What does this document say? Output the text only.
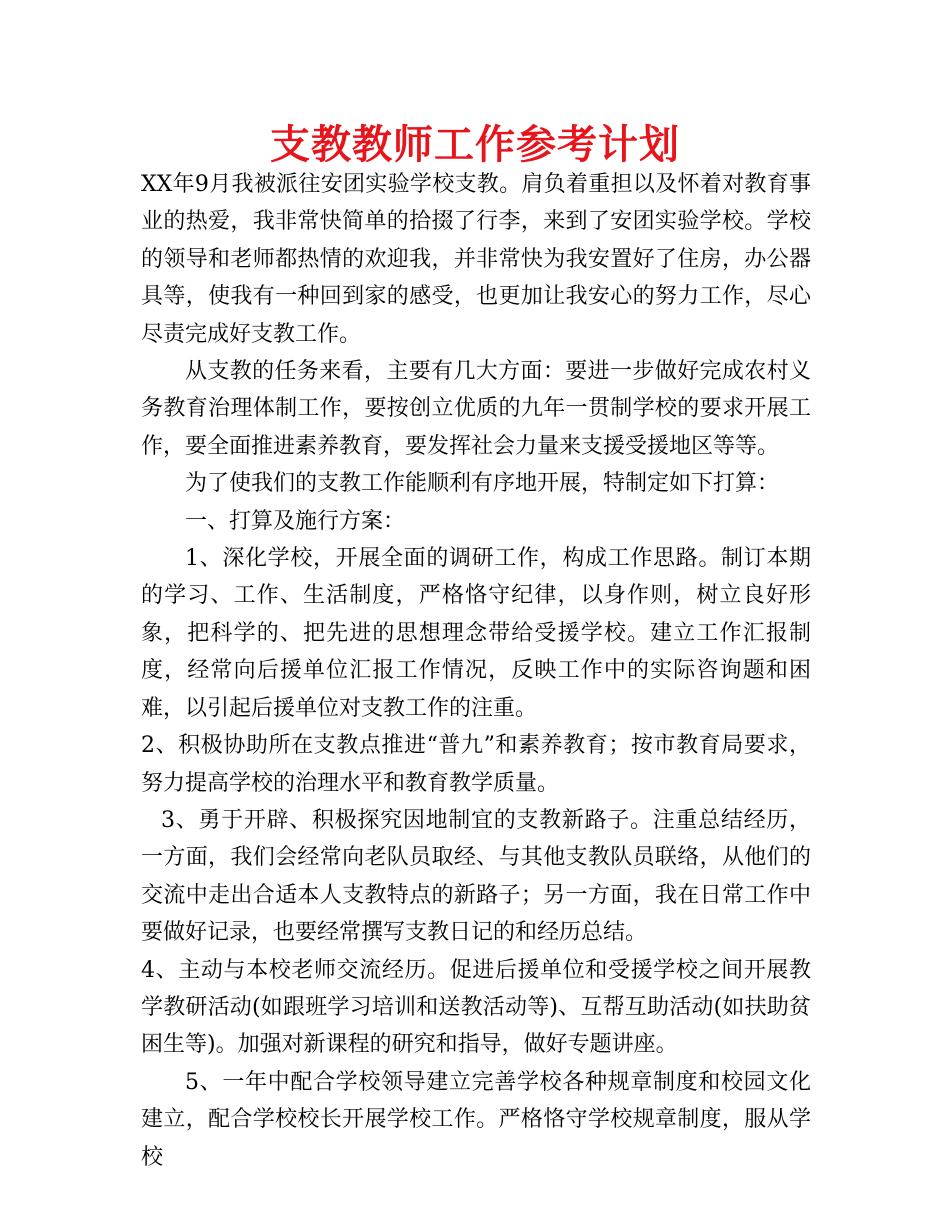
支教教师工作参考计划

XX年9月我被派往安团实验学校支教。肩负着重担以及怀着对教育事业的热爱，我非常快简单的拾掇了行李，来到了安团实验学校。学校的领导和老师都热情的欢迎我，并非常快为我安置好了住房，办公器具等，使我有一种回到家的感受，也更加让我安心的努力工作，尽心尽责完成好支教工作。

从支教的任务来看，主要有几大方面：要进一步做好完成农村义务教育治理体制工作，要按创立优质的九年一贯制学校的要求开展工作，要全面推进素养教育，要发挥社会力量来支援受援地区等等。

为了使我们的支教工作能顺利有序地开展，特制定如下打算：

一、打算及施行方案：

1、深化学校，开展全面的调研工作，构成工作思路。制订本期的学习、工作、生活制度，严格恪守纪律，以身作则，树立良好形象，把科学的、把先进的思想理念带给受援学校。建立工作汇报制度，经常向后援单位汇报工作情况，反映工作中的实际咨询题和困难，以引起后援单位对支教工作的注重。

2、积极协助所在支教点推进“普九”和素养教育；按市教育局要求，努力提高学校的治理水平和教育教学质量。

3、勇于开辟、积极探究因地制宜的支教新路子。注重总结经历，一方面，我们会经常向老队员取经、与其他支教队员联络，从他们的交流中走出合适本人支教特点的新路子；另一方面，我在日常工作中要做好记录，也要经常撰写支教日记的和经历总结。

4、主动与本校老师交流经历。促进后援单位和受援学校之间开展教学教研活动(如跟班学习培训和送教活动等)、互帮互助活动(如扶助贫困生等)。加强对新课程的研究和指导，做好专题讲座。

5、一年中配合学校领导建立完善学校各种规章制度和校园文化建立，配合学校校长开展学校工作。严格恪守学校规章制度，服从学校
